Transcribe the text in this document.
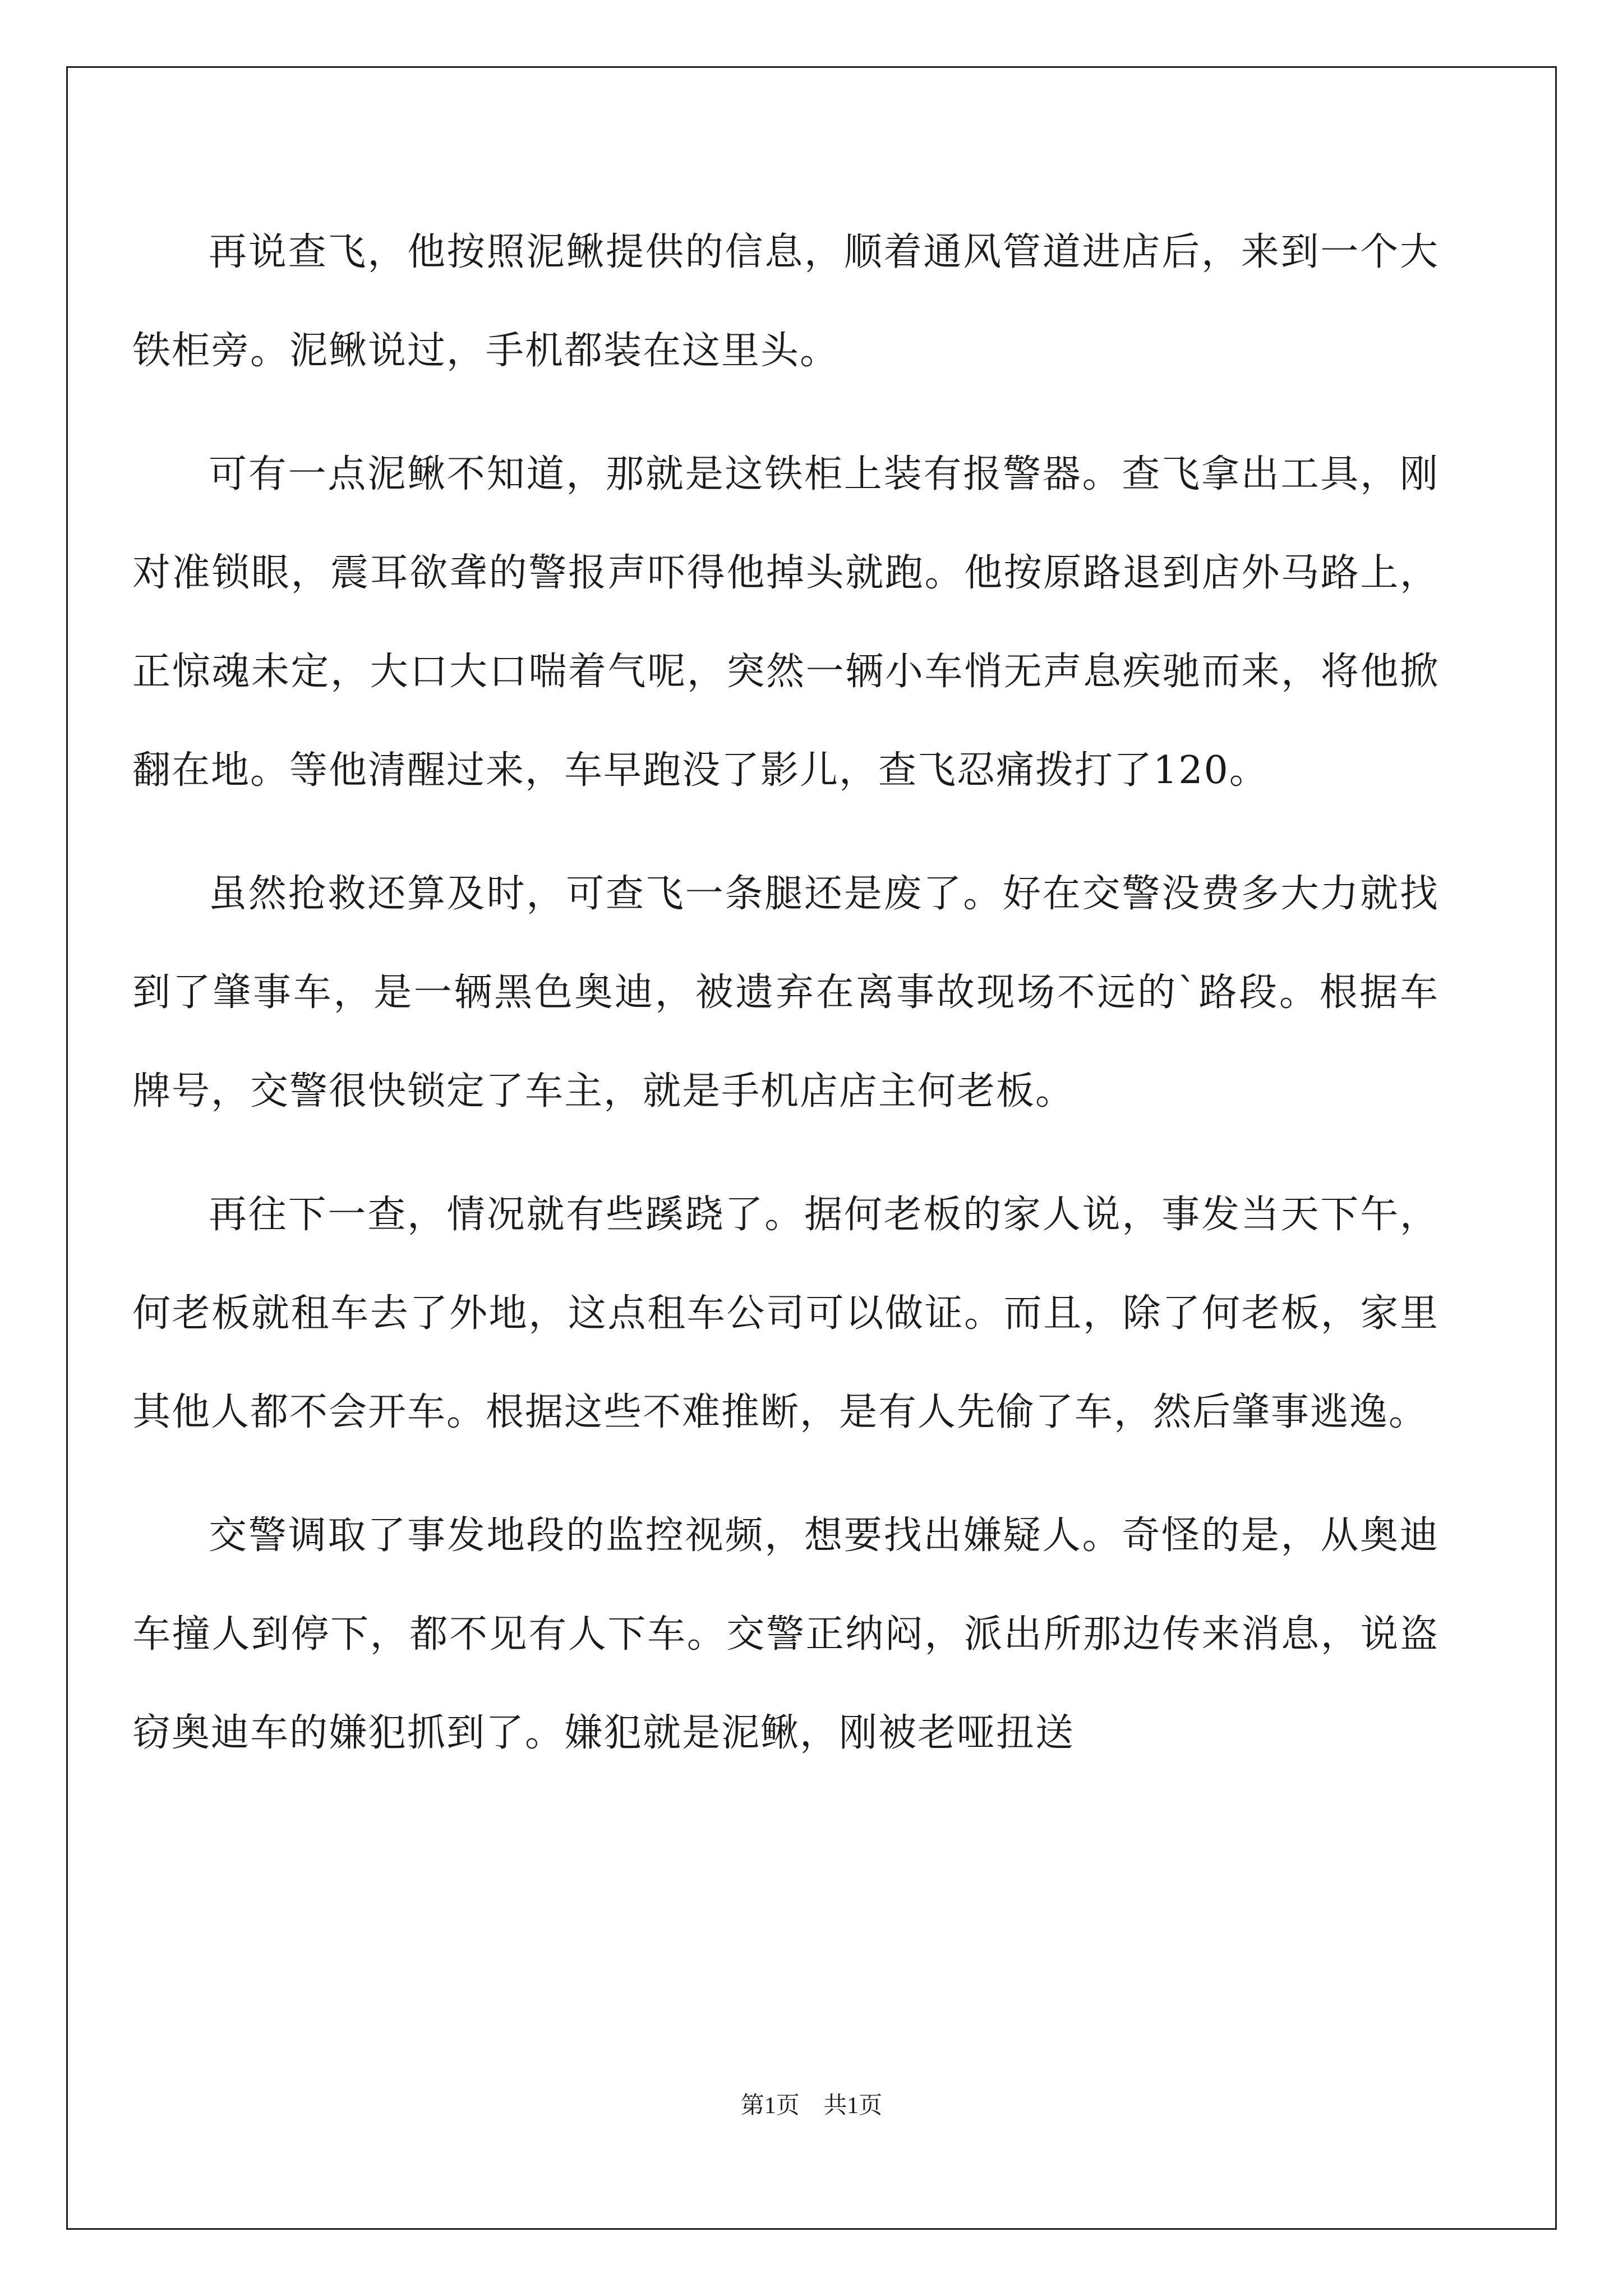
再说查飞，他按照泥鳅提供的信息，顺着通风管道进店后，来到一个大铁柜旁。泥鳅说过，手机都装在这里头。

可有一点泥鳅不知道，那就是这铁柜上装有报警器。查飞拿出工具，刚对准锁眼，震耳欲聋的警报声吓得他掉头就跑。他按原路退到店外马路上，正惊魂未定，大口大口喘着气呢，突然一辆小车悄无声息疾驰而来，将他掀翻在地。等他清醒过来，车早跑没了影儿，查飞忍痛拨打了120。

虽然抢救还算及时，可查飞一条腿还是废了。好在交警没费多大力就找到了肇事车，是一辆黑色奥迪，被遗弃在离事故现场不远的`路段。根据车牌号，交警很快锁定了车主，就是手机店店主何老板。

再往下一查，情况就有些蹊跷了。据何老板的家人说，事发当天下午，何老板就租车去了外地，这点租车公司可以做证。而且，除了何老板，家里其他人都不会开车。根据这些不难推断，是有人先偷了车，然后肇事逃逸。

交警调取了事发地段的监控视频，想要找出嫌疑人。奇怪的是，从奥迪车撞人到停下，都不见有人下车。交警正纳闷，派出所那边传来消息，说盗窃奥迪车的嫌犯抓到了。嫌犯就是泥鳅，刚被老哑扭送

第1页 共1页
